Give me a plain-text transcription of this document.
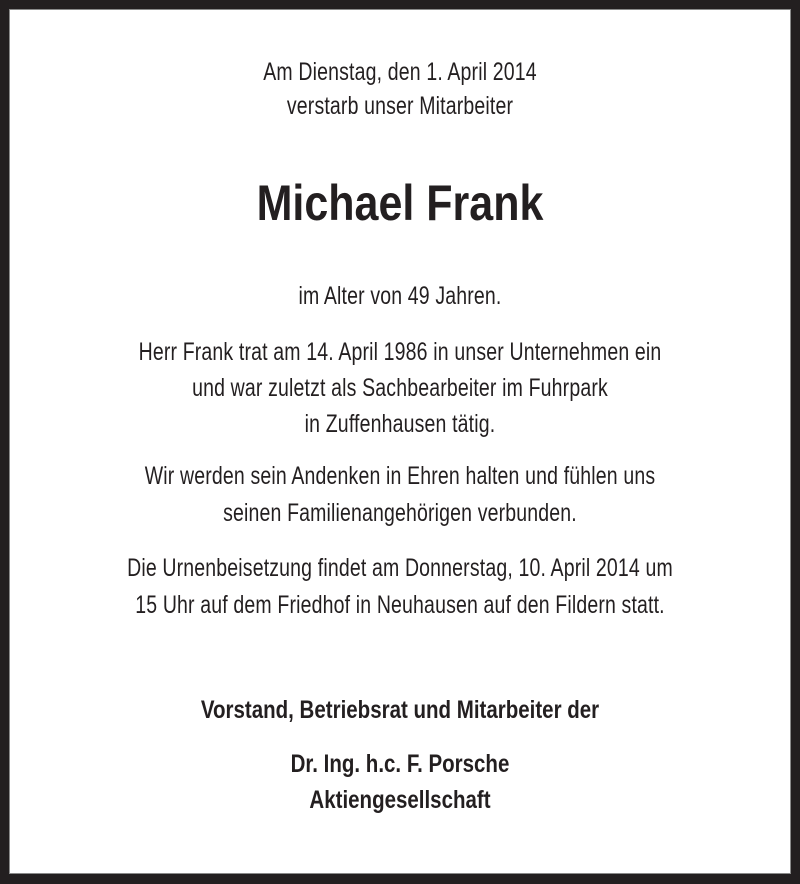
Am Dienstag, den 1. April 2014
verstarb unser Mitarbeiter
Michael Frank
im Alter von 49 Jahren.
Herr Frank trat am 14. April 1986 in unser Unternehmen ein
und war zuletzt als Sachbearbeiter im Fuhrpark
in Zuffenhausen tätig.
Wir werden sein Andenken in Ehren halten und fühlen uns
seinen Familienangehörigen verbunden.
Die Urnenbeisetzung findet am Donnerstag, 10. April 2014 um
15 Uhr auf dem Friedhof in Neuhausen auf den Fildern statt.
Vorstand, Betriebsrat und Mitarbeiter der
Dr. Ing. h.c. F. Porsche
Aktiengesellschaft
